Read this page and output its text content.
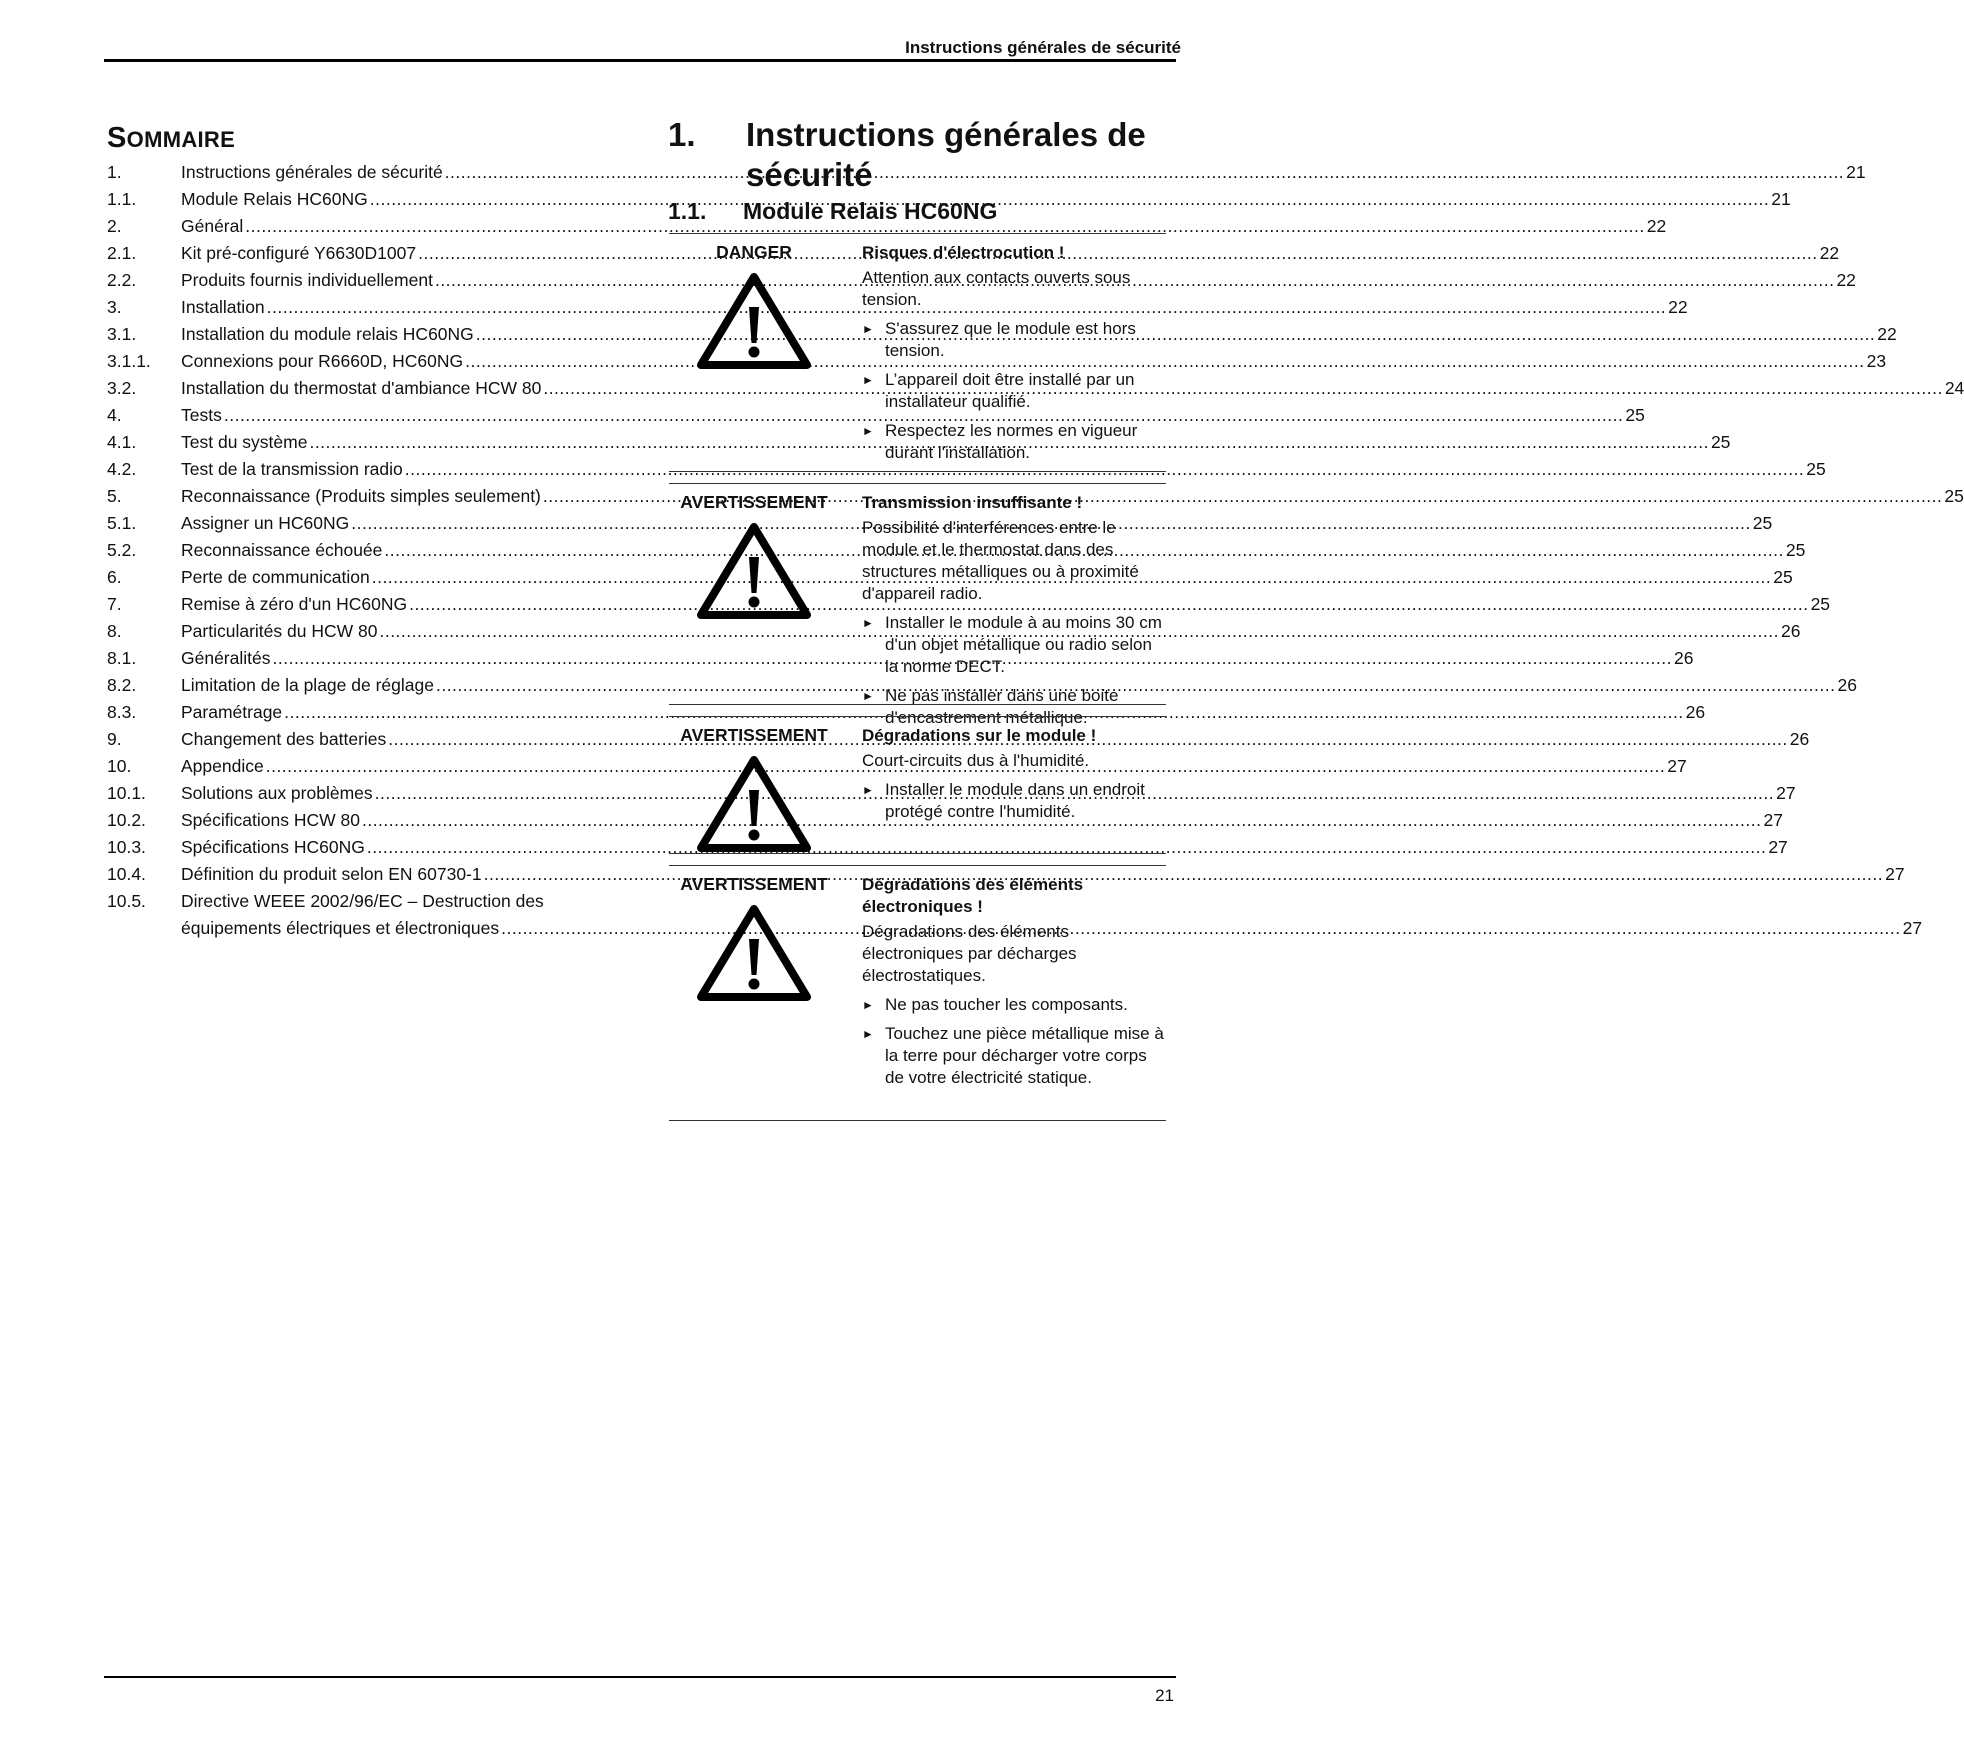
Instructions générales de sécurité
SOMMAIRE
1.	Instructions générales de sécurité .....	21
1.1.	Module Relais HC60NG .....	21
2.	Général .....	22
2.1.	Kit pré-configuré Y6630D1007 .....	22
2.2.	Produits fournis individuellement .....	22
3.	Installation .....	22
3.1.	Installation du module relais HC60NG .....	22
3.1.1.	Connexions pour R6660D, HC60NG .....	23
3.2.	Installation du thermostat d'ambiance HCW 80 .....	24
4.	Tests .....	25
4.1.	Test du système .....	25
4.2.	Test de la transmission radio .....	25
5.	Reconnaissance (Produits simples seulement) .....	25
5.1.	Assigner un HC60NG .....	25
5.2.	Reconnaissance échouée .....	25
6.	Perte de communication .....	25
7.	Remise à zéro d'un HC60NG .....	25
8.	Particularités du HCW 80 .....	26
8.1.	Généralités .....	26
8.2.	Limitation de la plage de réglage .....	26
8.3.	Paramétrage .....	26
9.	Changement des batteries .....	26
10.	Appendice .....	27
10.1.	Solutions aux problèmes .....	27
10.2.	Spécifications HCW 80 .....	27
10.3.	Spécifications HC60NG .....	27
10.4.	Définition du produit selon EN 60730-1 .....	27
10.5.	Directive WEEE 2002/96/EC – Destruction des
équipements électriques et électroniques .....	27
1. Instructions générales de sécurité
1.1. Module Relais HC60NG
DANGER	Risques d'électrocution !
Attention aux contacts ouverts sous tension.
► S'assurez que le module est hors tension.
► L’appareil doit être installé par un installateur qualifié.
► Respectez les normes en vigueur durant l'installation.
AVERTISSEMENT	Transmission insuffisante !
Possibilité d'interférences entre le module et le thermostat dans des structures métalliques ou à proximité d'appareil radio.
► Installer le module à au moins 30 cm d'un objet métallique ou radio selon la norme DECT.
► Ne pas installer dans une boite d'encastrement métallique.
AVERTISSEMENT	Dégradations sur le module !
Court-circuits dus à l'humidité.
► Installer le module dans un endroit protégé contre l'humidité.
AVERTISSEMENT	Dégradations des éléments électroniques !
Dégradations des éléments électroniques par décharges électrostatiques.
► Ne pas toucher les composants.
► Touchez une pièce métallique mise à la terre pour décharger votre corps de votre électricité statique.
21
